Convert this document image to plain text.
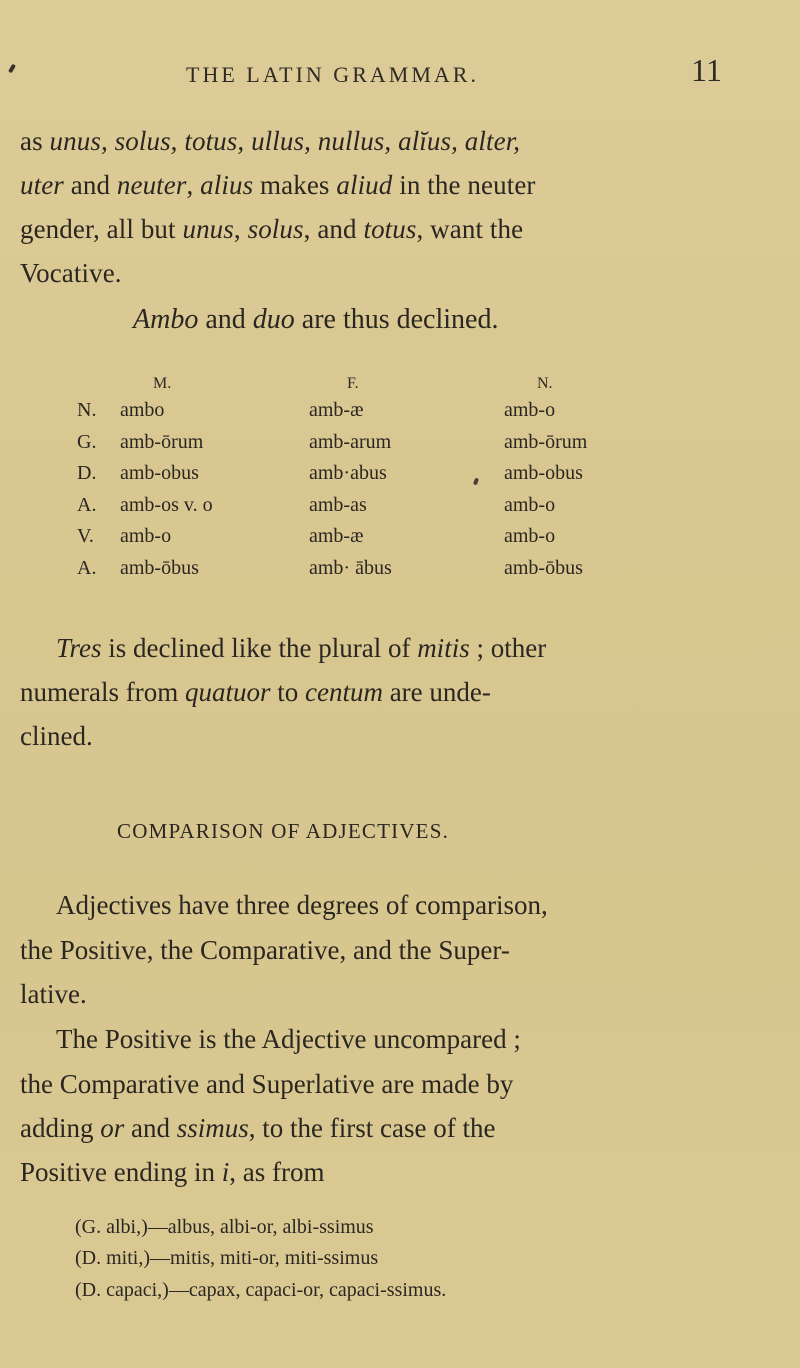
THE LATIN GRAMMAR.	11
as unus, solus, totus, ullus, nullus, alĭus, alter,
uter and neuter, alius makes aliud in the neuter
gender, all but unus, solus, and totus, want the
Vocative.
Ambo and duo are thus declined.
M.	F.	N.
N. ambo	amb-æ	amb-o
G. amb-ōrum	amb-arum	amb-ōrum
D. amb-obus	amb·abus	amb-obus
A. amb-os v. o	amb-as	amb-o
V. amb-o	amb-æ	amb-o
A. amb-ōbus	amb· ābus	amb-ōbus
Tres is declined like the plural of mitis ; other
numerals from quatuor to centum are unde-
clined.
COMPARISON OF ADJECTIVES.
Adjectives have three degrees of comparison,
the Positive, the Comparative, and the Super-
lative.
The Positive is the Adjective uncompared ;
the Comparative and Superlative are made by
adding or and ssimus, to the first case of the
Positive ending in i, as from
(G. albi,)—albus, albi-or, albi-ssimus
(D. miti,)—mitis, miti-or, miti-ssimus
(D. capaci,)—capax, capaci-or, capaci-ssimus.
